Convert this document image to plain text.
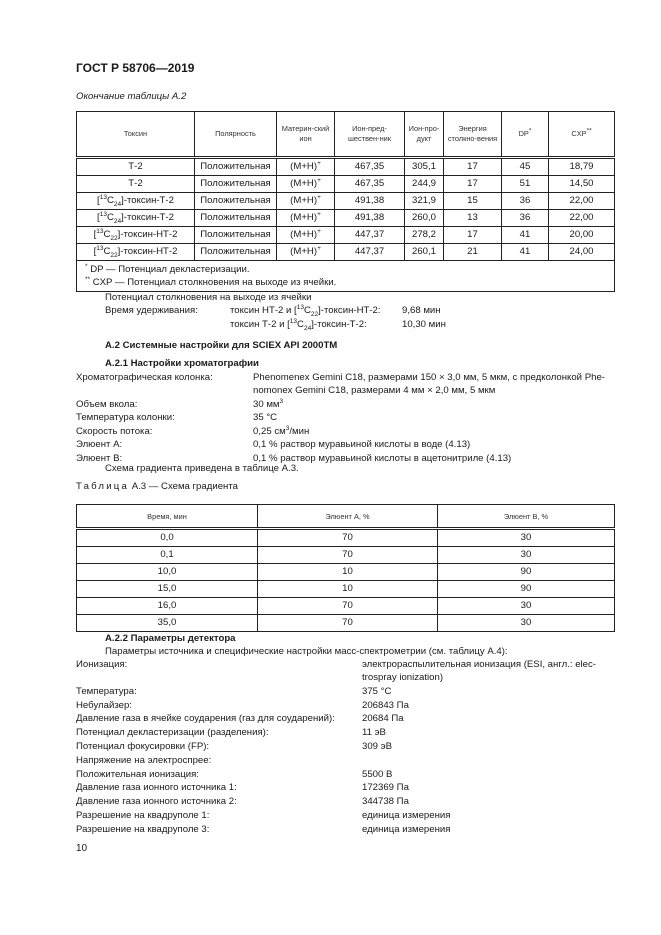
ГОСТ Р 58706—2019
Окончание таблицы А.2
Токсин	Полярность	Материн-ский ион	Ион-пред-шествен-ник	Ион-про-дукт	Энергия столкно-вения	DP*	CXP**
Т-2	Положительная	(М+Н)+	467,35	305,1	17	45	18,79
Т-2	Положительная	(М+Н)+	467,35	244,9	17	51	14,50
$[^{13}C_{24}]-токсин-Т-2$	Положительная	(М+Н)+	491,38	321,9	15	36	22,00
$[^{13}C_{24}]-токсин-Т-2$	Положительная	(М+Н)+	491,38	260,0	13	36	22,00
$[^{13}C_{22}]-токсин-НТ-2$	Положительная	(М+Н)+	447,37	278,2	17	41	20,00
$[^{13}C_{22}]-токсин-НТ-2$	Положительная	(М+Н)+	447,37	260,1	21	41	24,00

* DP — Потенциал декластеризации.
** CXP — Потенциал столкновения на выходе из ячейки.							
Потенциал столкновения на выходе из ячейки
Время удерживания:	токсин НТ-2 и $[^{13}C_{22}]-токсин-НТ-2$: 9,68 мин
токсин Т-2 и $[^{13}C_{24}]-токсин-Т-2$:	10,30 мин
А.2 Системные настройки для SCIEX API 2000TM
А.2.1 Настройки хроматографии
Хроматографическая колонка:	Phenomenex Gemini C18, размерами 150 × 3,0 мм, 5 мкм, с предколонкой Phe-
nomonex Gemini C18, размерами 4 мм × 2,0 мм, 5 мкм
Объем вкола:	30 $мм^3$
Температура колонки:	35 °С
Скорость потока:	0,25 $см^3$/мин
Элюент А:	0,1 % раствор муравьиной кислоты в воде (4.13)
Элюент В:	0,1 % раствор муравьиной кислоты в ацетонитриле (4.13)
Схема градиента приведена в таблице А.3.
Таблица А.3 — Схема градиента
Время, мин	Элюент А, %	Элюент В, %
0,0	70	30
0,1	70	30
10,0	10	90
15,0	10	90
16,0	70	30
35,0	70	30
А.2.2 Параметры детектора
Параметры источника и специфические настройки масс-спектрометрии (см. таблицу А.4):
Ионизация:	электрораспылительная ионизация (ESI, англ.: elec-
trospray ionization)
Температура:	375 °С
Небулайзер:	206843 Па
Давление газа в ячейке соударения (газ для соударений):	20684 Па
Потенциал декластеризации (разделения):	11 эВ
Потенциал фокусировки (FP):	309 эВ
Напряжение на электроспрее:
Положительная ионизация:	5500 В
Давление газа ионного источника 1:	172369 Па
Давление газа ионного источника 2:	344738 Па
Разрешение на квадруполе 1:	единица измерения
Разрешение на квадруполе 3:	единица измерения
10
